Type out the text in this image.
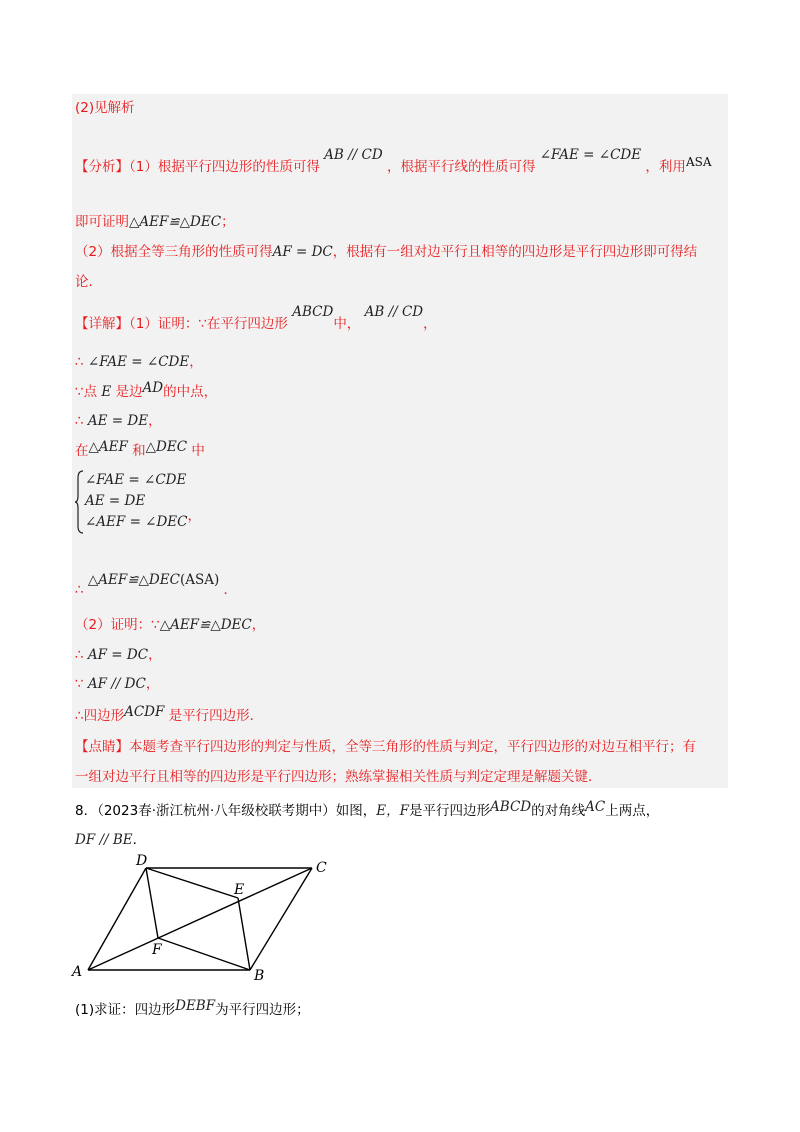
(2)见解析
【分析】（1）根据平行四边形的性质可得 AB // CD ，根据平行线的性质可得 ∠FAE = ∠CDE ，利用 ASA
即可证明△AEF≌△DEC；
（2）根据全等三角形的性质可得AF = DC，根据有一组对边平行且相等的四边形是平行四边形即可得结
论．
【详解】（1）证明：∵在平行四边形 ABCD中， AB // CD，
∴ ∠FAE = ∠CDE，
∵点 E 是边AD的中点，
∴ AE = DE，
在△AEF 和△DEC 中
∠FAE = ∠CDE
AE = DE
∠AEF = ∠DEC，
∴ △AEF≌△DEC(ASA) ．
（2）证明：∵△AEF≌△DEC，
∴ AF = DC，
∵ AF // DC，
∴四边形ACDF 是平行四边形．
【点睛】本题考查平行四边形的判定与性质，全等三角形的性质与判定，平行四边形的对边互相平行；有
一组对边平行且相等的四边形是平行四边形；熟练掌握相关性质与判定定理是解题关键．
8．（2023春·浙江杭州·八年级校联考期中）如图，E，F是平行四边形ABCD的对角线AC上两点，
DF // BE．
A	B
C
D
E
F
(1)求证：四边形DEBF为平行四边形；
